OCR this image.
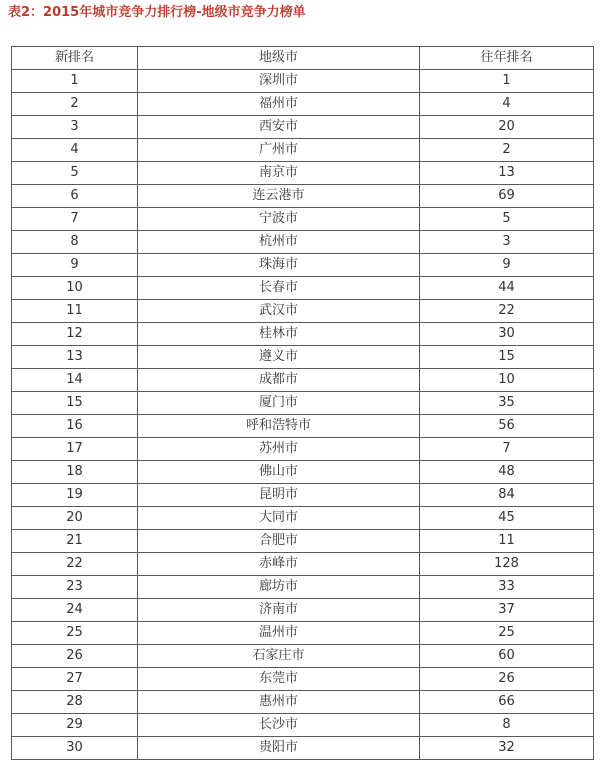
表2：2015年城市竞争力排行榜-地级市竞争力榜单
新排名	地级市	往年排名
1	深圳市	1
2	福州市	4
3	西安市	20
4	广州市	2
5	南京市	13
6	连云港市	69
7	宁波市	5
8	杭州市	3
9	珠海市	9
10	长春市	44
11	武汉市	22
12	桂林市	30
13	遵义市	15
14	成都市	10
15	厦门市	35
16	呼和浩特市	56
17	苏州市	7
18	佛山市	48
19	昆明市	84
20	大同市	45
21	合肥市	11
22	赤峰市	128
23	廊坊市	33
24	济南市	37
25	温州市	25
26	石家庄市	60
27	东莞市	26
28	惠州市	66
29	长沙市	8
30	贵阳市	32
